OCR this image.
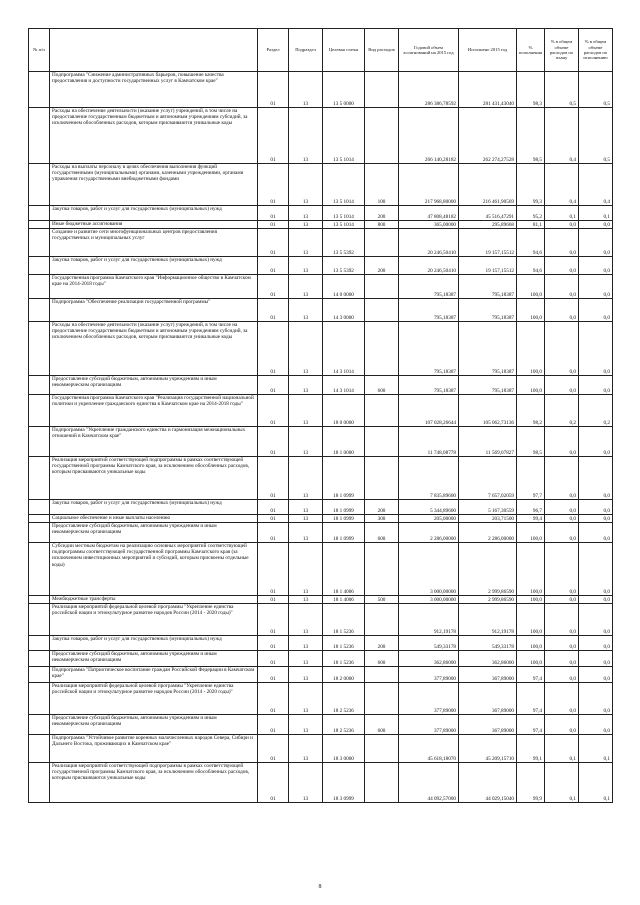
№ п/п		Раздел	Подраздел	Целевая статья	Вид расходов	Годовой объем ассигнований на 2015 год	Исполнено 2015 год	% исполнения	% в общем объеме расходов по плану	% в общем объеме расходов по исполнению
	Подпрограмма "Снижение административных барьеров, повышение качества предоставления и доступности государственных услуг в Камчатском крае"	01	13	13 5 0000		286 386,78592	281 431,43040	98,3	0,5	0,5
	Расходы на обеспечение деятельности (оказание услуг) учреждений, в том числе на предоставление государственным бюджетным и автономным учреждениям субсидий, за исключением обособленных расходов, которым присваиваются уникальные коды	01	13	13 5 1014		266 140,28182	262 274,27528	98,5	0,4	0,5
	Расходы на выплаты персоналу в целях обеспечения выполнения функций государственными (муниципальными) органами, казенными учреждениями, органами управления государственными внебюджетными фондами	01	13	13 5 1014	100	217 968,80000	216 461,90569	99,3	0,4	0,4
	Закупка товаров, работ и услуг для государственных (муниципальных) нужд	01	13	13 5 1014	200	47 808,48182	45 516,47291	95,2	0,1	0,1
	Иные бюджетные ассигнования	01	13	13 5 1014	800	365,00000	295,89668	81,1	0,0	0,0
	Создание и развитие сети многофункциональных центров предоставления государственных и муниципальных услуг	01	13	13 5 5392		20 246,50410	19 157,15512	94,6	0,0	0,0
	Закупка товаров, работ и услуг для государственных (муниципальных) нужд	01	13	13 5 5392	200	20 246,50410	19 157,15512	94,6	0,0	0,0
	Государственная программа Камчатского края "Информационное общество в Камчатском крае на 2014-2018 годы"	01	13	14 0 0000		795,18387	795,18387	100,0	0,0	0,0
	Подпрограмма "Обеспечение реализации государственной программы"	01	13	14 3 0000		795,18387	795,18387	100,0	0,0	0,0
	Расходы на обеспечение деятельности (оказание услуг) учреждений, в том числе на предоставление государственным бюджетным и автономным учреждениям субсидий, за исключением обособленных расходов, которым присваиваются уникальные коды	01	13	14 3 1014		795,18387	795,18387	100,0	0,0	0,0
	Предоставление субсидий бюджетным, автономным учреждениям и иным некоммерческим организациям	01	13	14 3 1014	600	795,18387	795,18387	100,0	0,0	0,0
	Государственная программа Камчатского края "Реализация государственной национальной политики и укрепление гражданского единства в Камчатском крае на 2014-2018 годы"	01	13	18 0 0000		107 028,26644	105 062,73136	98,2	0,2	0,2
	Подпрограмма "Укрепление гражданского единства и гармонизация межнациональных отношений в Камчатском крае"	01	13	18 1 0000		11 748,08778	11 569,07827	98,5	0,0	0,0
	Реализация мероприятий соответствующей подпрограммы в рамках соответствующей государственной программы Камчатского края, за исключением обособленных расходов, которым присваиваются уникальные коды	01	13	18 1 0999		7 835,89600	7 657,02059	97,7	0,0	0,0
	Закупка товаров, работ и услуг для государственных (муниципальных) нужд	01	13	18 1 0999	200	5 344,89600	5 167,30559	96,7	0,0	0,0
	Социальное обеспечение и иные выплаты населению	01	13	18 1 0999	300	205,00000	203,71500	99,4	0,0	0,0
	Предоставление субсидий бюджетным, автономным учреждениям и иным некоммерческим организациям	01	13	18 1 0999	600	2 286,00000	2 286,00000	100,0	0,0	0,0
	Субсидии местным бюджетам на реализацию основных мероприятий соответствующей подпрограммы соответствующей государственной программы Камчатского края (за исключением инвестиционных мероприятий и субсидий, которым присвоены отдельные коды)	01	13	18 1 4006		3 000,00000	2 999,86590	100,0	0,0	0,0
	Межбюджетные трансферты	01	13	18 1 4006	500	3 000,00000	2 999,86590	100,0	0,0	0,0
	Реализация мероприятий федеральной целевой программы "Укрепление единства российской нации и этнокультурное развитие народов России (2014 - 2020 годы)"	01	13	18 1 5236		912,19178	912,19178	100,0	0,0	0,0
	Закупка товаров, работ и услуг для государственных (муниципальных) нужд	01	13	18 1 5236	200	549,33178	549,33178	100,0	0,0	0,0
	Предоставление субсидий бюджетным, автономным учреждениям и иным некоммерческим организациям	01	13	18 1 5236	600	362,86000	362,86000	100,0	0,0	0,0
	Подпрограмма "Патриотическое воспитание граждан Российской Федерации в Камчатском крае"	01	13	18 2 0000		377,89000	367,89000	97,4	0,0	0,0
	Реализация мероприятий федеральной целевой программы "Укрепление единства российской нации и этнокультурное развитие народов России (2014 - 2020 годы)"	01	13	18 2 5236		377,89000	367,89000	97,4	0,0	0,0
	Предоставление субсидий бюджетным, автономным учреждениям и иным некоммерческим организациям	01	13	18 2 5236	600	377,89000	367,89000	97,4	0,0	0,0
	Подпрограмма "Устойчивое развитие коренных малочисленных народов Севера, Сибири и Дальнего Востока, проживающих в Камчатском крае"	01	13	18 3 0000		45 618,18070	45 209,15710	99,1	0,1	0,1
	Реализация мероприятий соответствующей подпрограммы в рамках соответствующей государственной программы Камчатского края, за исключением обособленных расходов, которым присваиваются уникальные коды	01	13	18 3 0999		44 092,57000	44 029,15040	99,9	0,1	0,1
8
